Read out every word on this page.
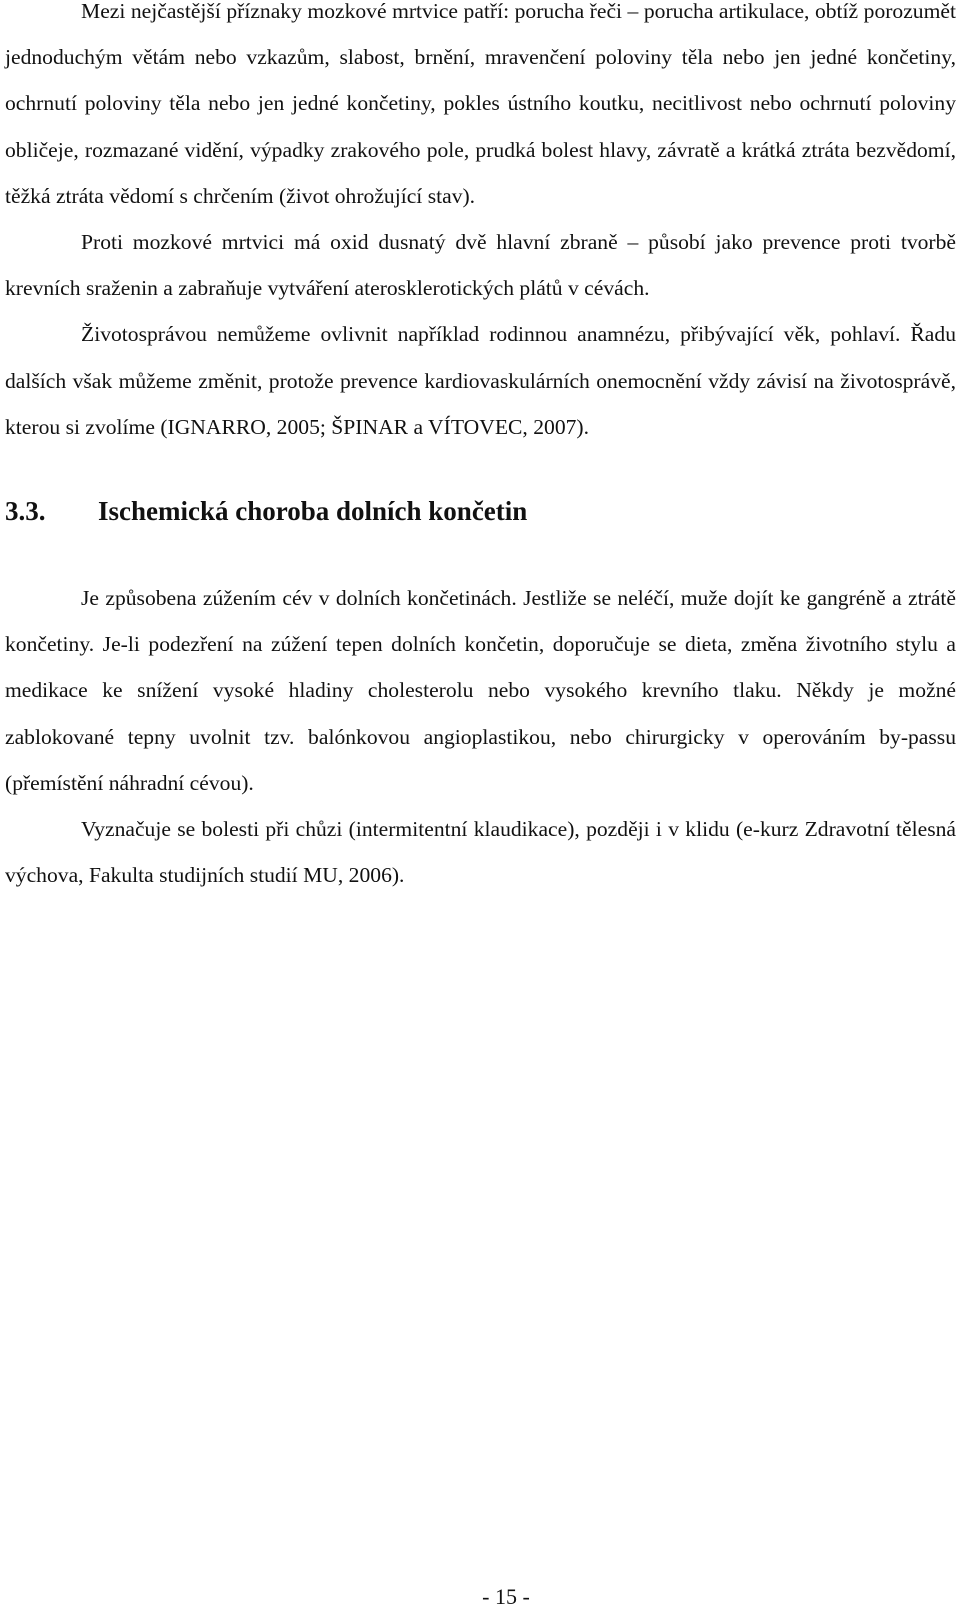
Mezi nejčastější příznaky mozkové mrtvice patří: porucha řeči – porucha artikulace, obtíž porozumět jednoduchým větám nebo vzkazům, slabost, brnění, mravenčení poloviny těla nebo jen jedné končetiny, ochrnutí poloviny těla nebo jen jedné končetiny, pokles ústního koutku, necitlivost nebo ochrnutí poloviny obličeje, rozmazané vidění, výpadky zrakového pole, prudká bolest hlavy, závratě a krátká ztráta bezvědomí, těžká ztráta vědomí s chrčením (život ohrožující stav).

Proti mozkové mrtvici má oxid dusnatý dvě hlavní zbraně – působí jako prevence proti tvorbě krevních sraženin a zabraňuje vytváření aterosklerotických plátů v cévách.

Životosprávou nemůžeme ovlivnit například rodinnou anamnézu, přibývající věk, pohlaví. Řadu dalších však můžeme změnit, protože prevence kardiovaskulárních onemocnění vždy závisí na životosprávě, kterou si zvolíme (IGNARRO, 2005; ŠPINAR a VÍTOVEC, 2007).

3.3. Ischemická choroba dolních končetin

Je způsobena zúžením cév v dolních končetinách. Jestliže se neléčí, muže dojít ke gangréně a ztrátě končetiny. Je-li podezření na zúžení tepen dolních končetin, doporučuje se dieta, změna životního stylu a medikace ke snížení vysoké hladiny cholesterolu nebo vysokého krevního tlaku. Někdy je možné zablokované tepny uvolnit tzv. balónkovou angioplastikou, nebo chirurgicky v operováním by-passu (přemístění náhradní cévou).

Vyznačuje se bolesti při chůzi (intermitentní klaudikace), později i v klidu (e-kurz Zdravotní tělesná výchova, Fakulta studijních studií MU, 2006).

- 15 -
